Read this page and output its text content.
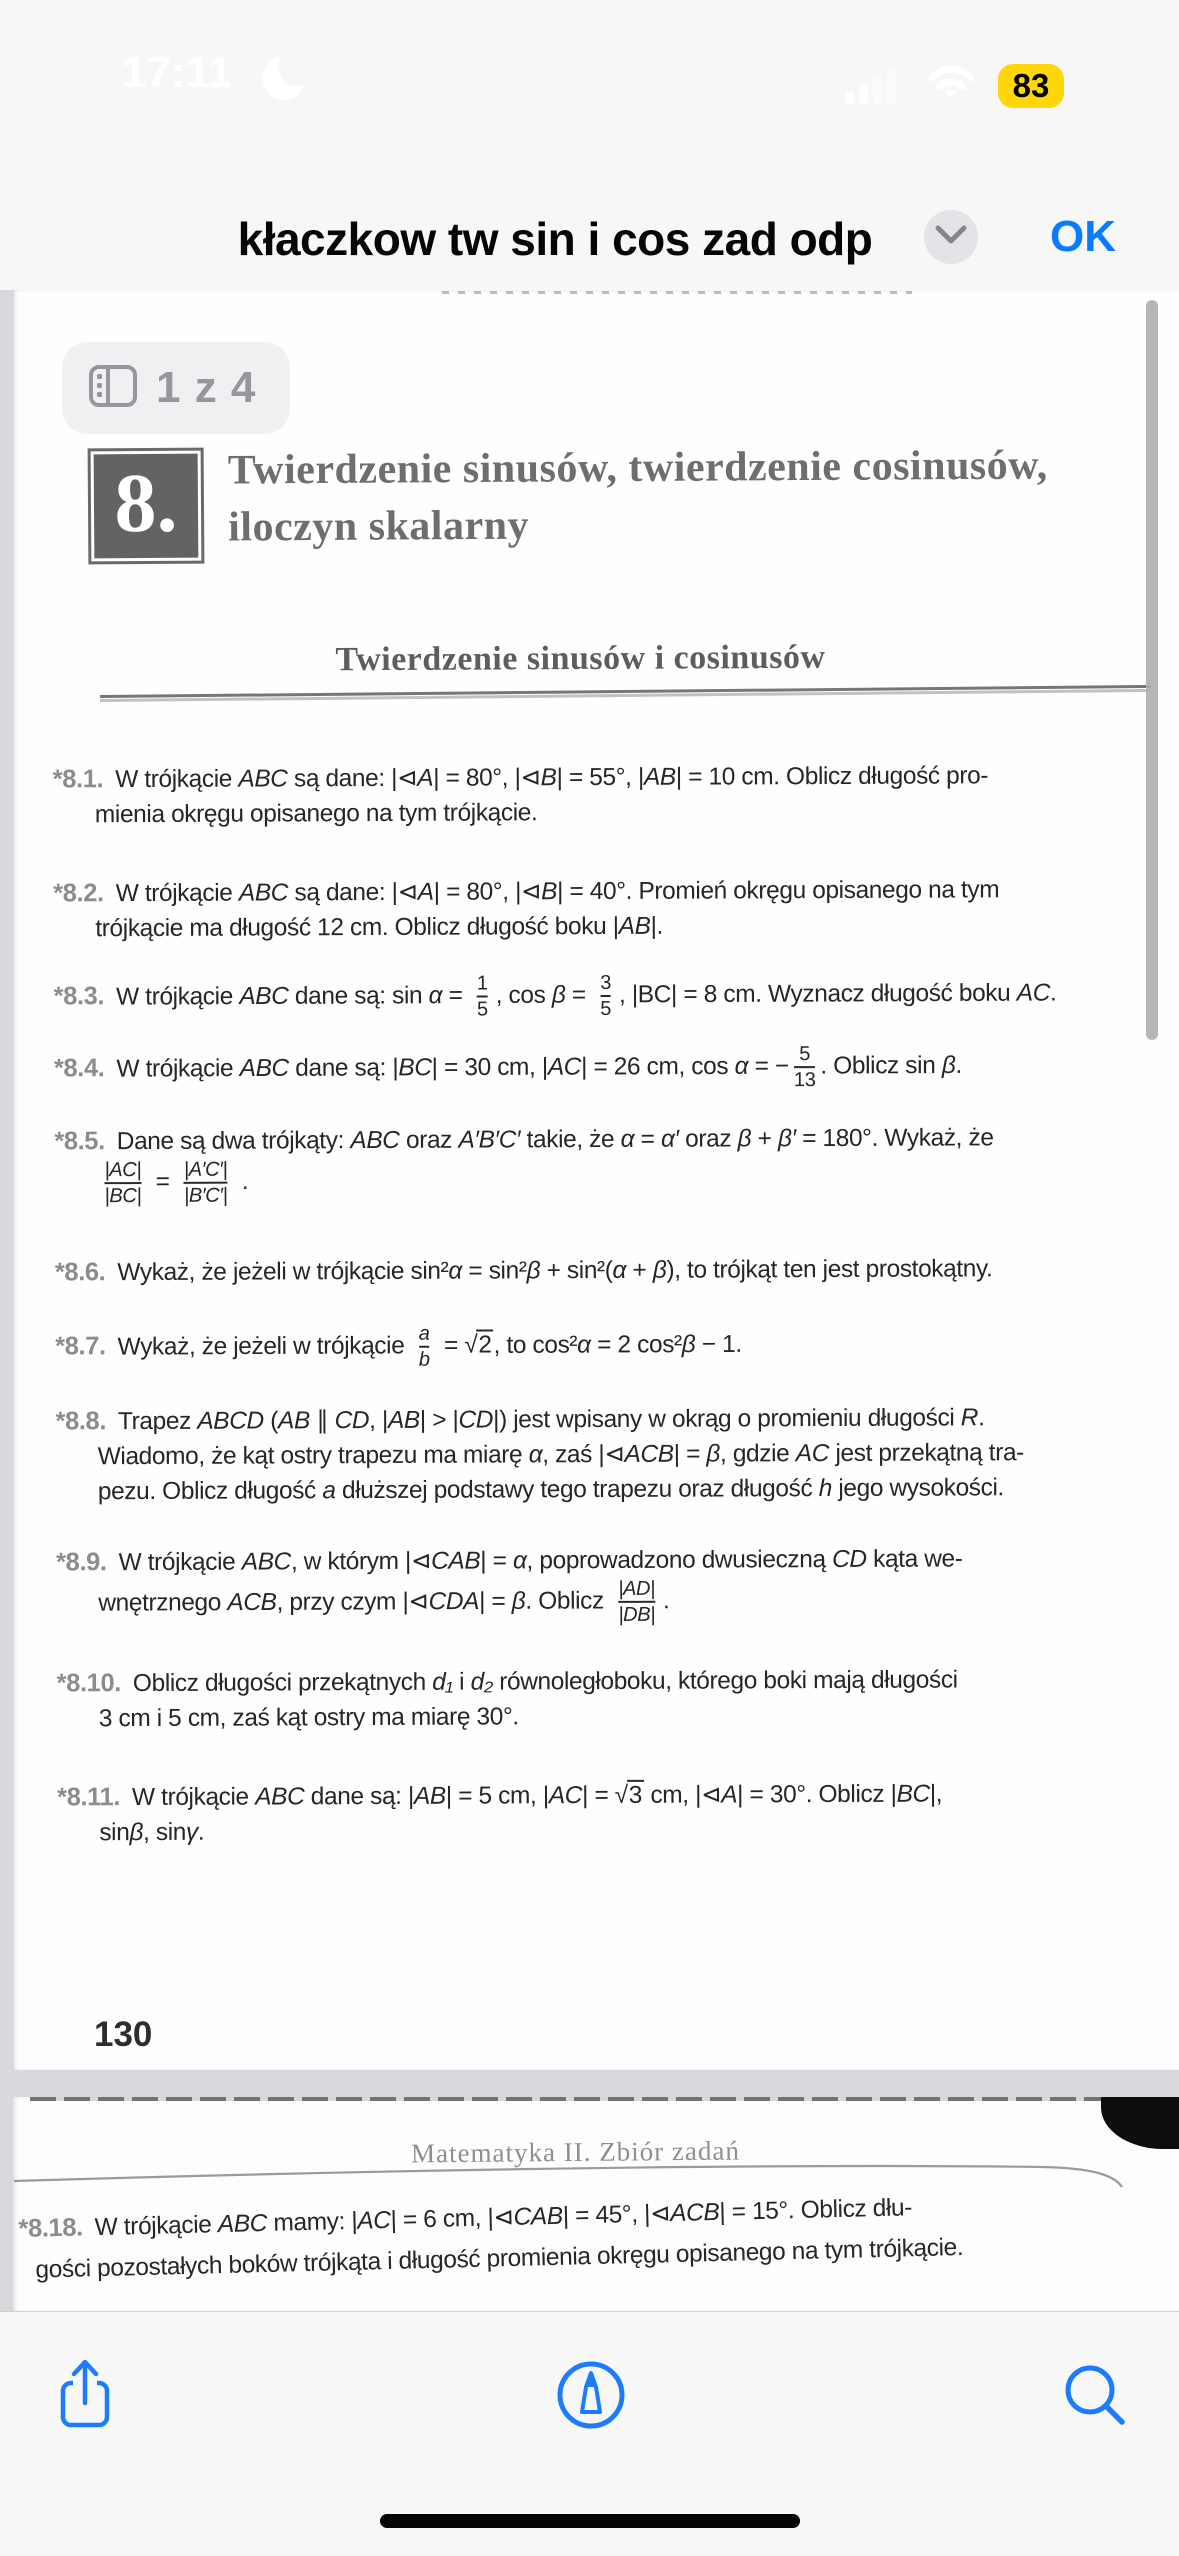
17:11	83
kłaczkow tw sin i cos zad odp	OK
1 z 4
8.	Twierdzenie sinusów, twierdzenie cosinusów,
iloczyn skalarny
Twierdzenie sinusów i cosinusów
*8.1. W trójkącie ABC są dane: |⊲A| = 80°, |⊲B| = 55°, |AB| = 10 cm. Oblicz długość pro-
mienia okręgu opisanego na tym trójkącie.
*8.2. W trójkącie ABC są dane: |⊲A| = 80°, |⊲B| = 40°. Promień okręgu opisanego na tym
trójkącie ma długość 12 cm. Oblicz długość boku |AB|.
*8.3. W trójkącie ABC dane są: $\sin \alpha = \frac{1}{5}$ , $\cos \beta = \frac{3}{5}$ , |BC| = 8 cm. Wyznacz długość boku AC.
*8.4. W trójkącie ABC dane są: |BC| = 30 cm, |AC| = 26 cm, cos α = − $\frac{5}{13}$ . Oblicz sin β.
*8.5. Dane są dwa trójkąty: ABC oraz A′B′C′ takie, że α = α′ oraz β + β′ = 180°. Wykaż, że
$\frac{|AC|}{|BC|} = \frac{|A'C'|}{|B'C'|}$ .
*8.6. Wykaż, że jeżeli w trójkącie sin²α = sin²β + sin²(α + β), to trójkąt ten jest prostokątny.
*8.7. Wykaż, że jeżeli w trójkącie $\frac{a}{b} = √2$, to cos²α = 2 cos²β − 1.
*8.8. Trapez ABCD (AB ∥ CD, |AB| > |CD|) jest wpisany w okrąg o promieniu długości R.
Wiadomo, że kąt ostry trapezu ma miarę α, zaś |⊲ACB| = β, gdzie AC jest przekątną tra-
pezu. Oblicz długość a dłuższej podstawy tego trapezu oraz długość h jego wysokości.
*8.9. W trójkącie ABC, w którym |⊲CAB| = α, poprowadzono dwusieczną CD kąta we-
wnętrznego ACB, przy czym |⊲CDA| = β. Oblicz $\frac{|AD|}{|DB|}$ .
*8.10. Oblicz długości przekątnych d₁ i d₂ równoległoboku, którego boki mają długości
3 cm i 5 cm, zaś kąt ostry ma miarę 30°.
*8.11. W trójkącie ABC dane są: |AB| = 5 cm, |AC| = √3 cm, |⊲A| = 30°. Oblicz |BC|,
sinβ, sinγ.
130
Matematyka II. Zbiór zadań
*8.18. W trójkącie ABC mamy: |AC| = 6 cm, |⊲CAB| = 45°, |⊲ACB| = 15°. Oblicz dłu-
gości pozostałych boków trójkąta i długość promienia okręgu opisanego na tym trójkącie.
